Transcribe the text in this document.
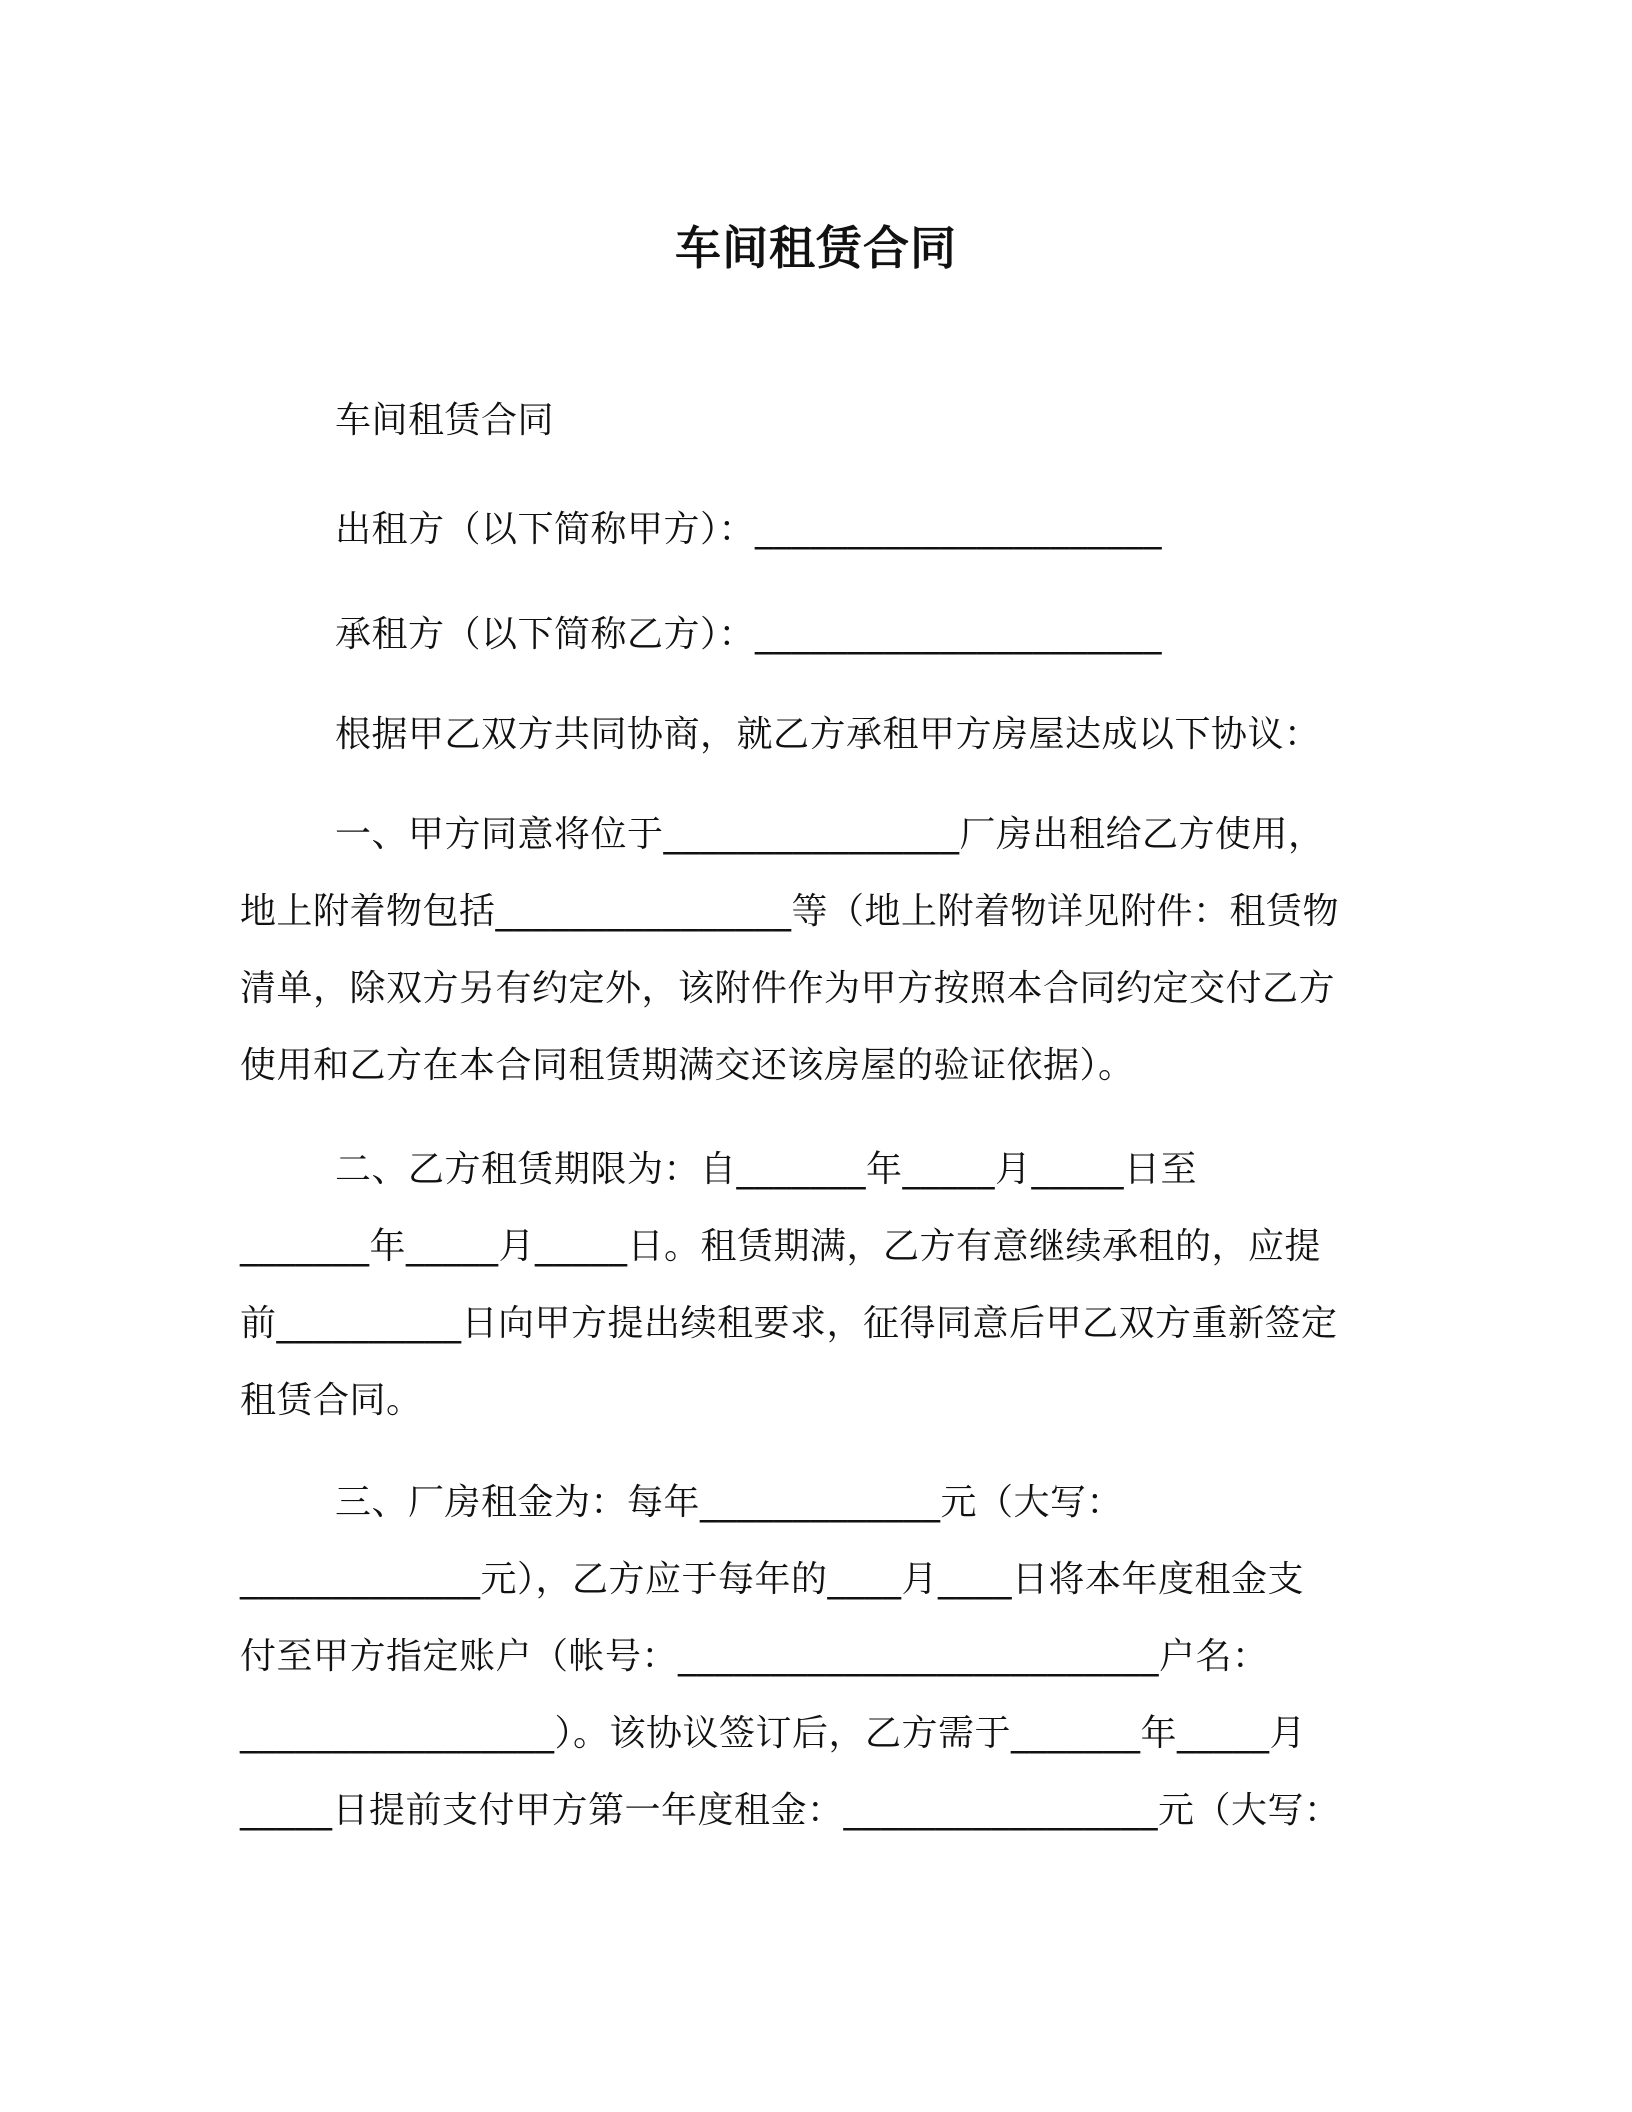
车间租赁合同
车间租赁合同
出租方（以下简称甲方）：______________________
承租方（以下简称乙方）：______________________
根据甲乙双方共同协商，就乙方承租甲方房屋达成以下协议：
一、甲方同意将位于________________厂房出租给乙方使用，
地上附着物包括________________等（地上附着物详见附件：租赁物
清单，除双方另有约定外，该附件作为甲方按照本合同约定交付乙方
使用和乙方在本合同租赁期满交还该房屋的验证依据）。
二、乙方租赁期限为：自_______年_____月_____日至
_______年_____月_____日。租赁期满，乙方有意继续承租的，应提
前__________日向甲方提出续租要求，征得同意后甲乙双方重新签定
租赁合同。
三、厂房租金为：每年_____________元（大写：
_____________元），乙方应于每年的____月____日将本年度租金支
付至甲方指定账户（帐号：__________________________户名：
_________________）。该协议签订后，乙方需于_______年_____月
_____日提前支付甲方第一年度租金：_________________元（大写：
